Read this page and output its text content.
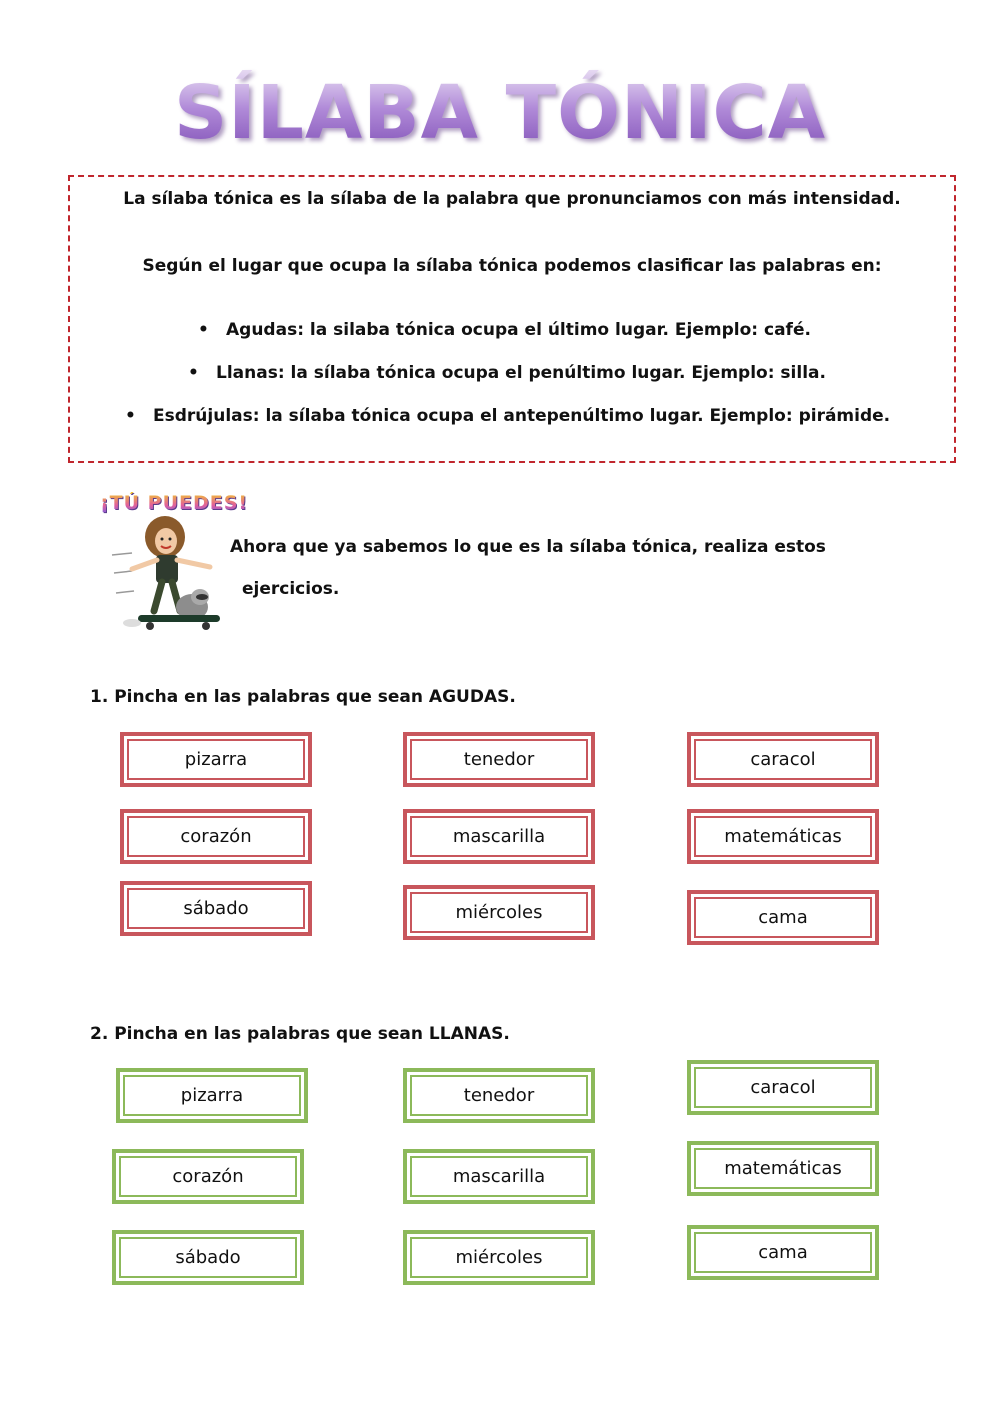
SÍLABA TÓNICA
La sílaba tónica es la sílaba de la palabra que pronunciamos con más intensidad.
Según el lugar que ocupa la sílaba tónica podemos clasificar las palabras en:
• Agudas: la silaba tónica ocupa el último lugar. Ejemplo: café.
• Llanas: la sílaba tónica ocupa el penúltimo lugar. Ejemplo: silla.
• Esdrújulas: la sílaba tónica ocupa el antepenúltimo lugar. Ejemplo: pirámide.
¡TÚ PUEDES!
Ahora que ya sabemos lo que es la sílaba tónica, realiza estos
ejercicios.
1. Pincha en las palabras que sean AGUDAS.
pizarra	tenedor	caracol
corazón	mascarilla	matemáticas
sábado	miércoles	cama
2. Pincha en las palabras que sean LLANAS.
pizarra	tenedor	caracol
corazón	mascarilla	matemáticas
sábado	miércoles	cama
